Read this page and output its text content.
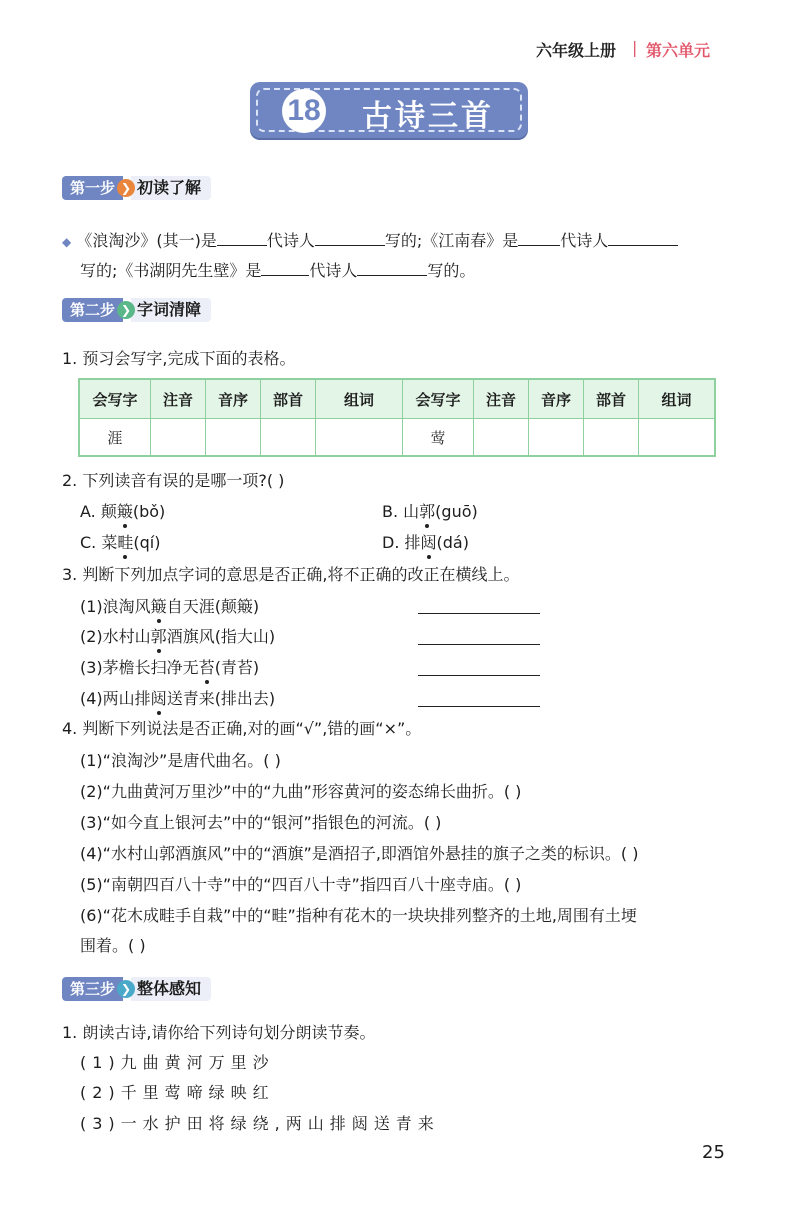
六年级上册 | 第六单元
18 古诗三首
第一步 ❯ 初读了解
◆ 《浪淘沙》(其一)是	代诗人	写的;《江南春》是	代诗人
写的;《书湖阴先生壁》是	代诗人	写的。
第二步 ❯ 字词清障
1. 预习会写字,完成下面的表格。
会写字	注音	音序	部首	组词	会写字	注音	音序	部首	组词
涯					莺				
2. 下列读音有误的是哪一项?( )
A. 颠簸(bǒ)	B. 山郭(guō)
C. 菜畦(qí)	D. 排闼(dá)
3. 判断下列加点字词的意思是否正确,将不正确的改正在横线上。
(1)浪淘风簸自天涯(颠簸)
(2)水村山郭酒旗风(指大山)
(3)茅檐长扫净无苔(青苔)
(4)两山排闼送青来(排出去)
4. 判断下列说法是否正确,对的画“√”,错的画“×”。
(1)“浪淘沙”是唐代曲名。( )
(2)“九曲黄河万里沙”中的“九曲”形容黄河的姿态绵长曲折。( )
(3)“如今直上银河去”中的“银河”指银色的河流。( )
(4)“水村山郭酒旗风”中的“酒旗”是酒招子,即酒馆外悬挂的旗子之类的标识。( )
(5)“南朝四百八十寺”中的“四百八十寺”指四百八十座寺庙。( )
(6)“花木成畦手自栽”中的“畦”指种有花木的一块块排列整齐的土地,周围有土埂
围着。( )
第三步 ❯ 整体感知
1. 朗读古诗,请你给下列诗句划分朗读节奏。
(1)九曲黄河万里沙
(2)千里莺啼绿映红
(3)一水护田将绿绕,两山排闼送青来
25
